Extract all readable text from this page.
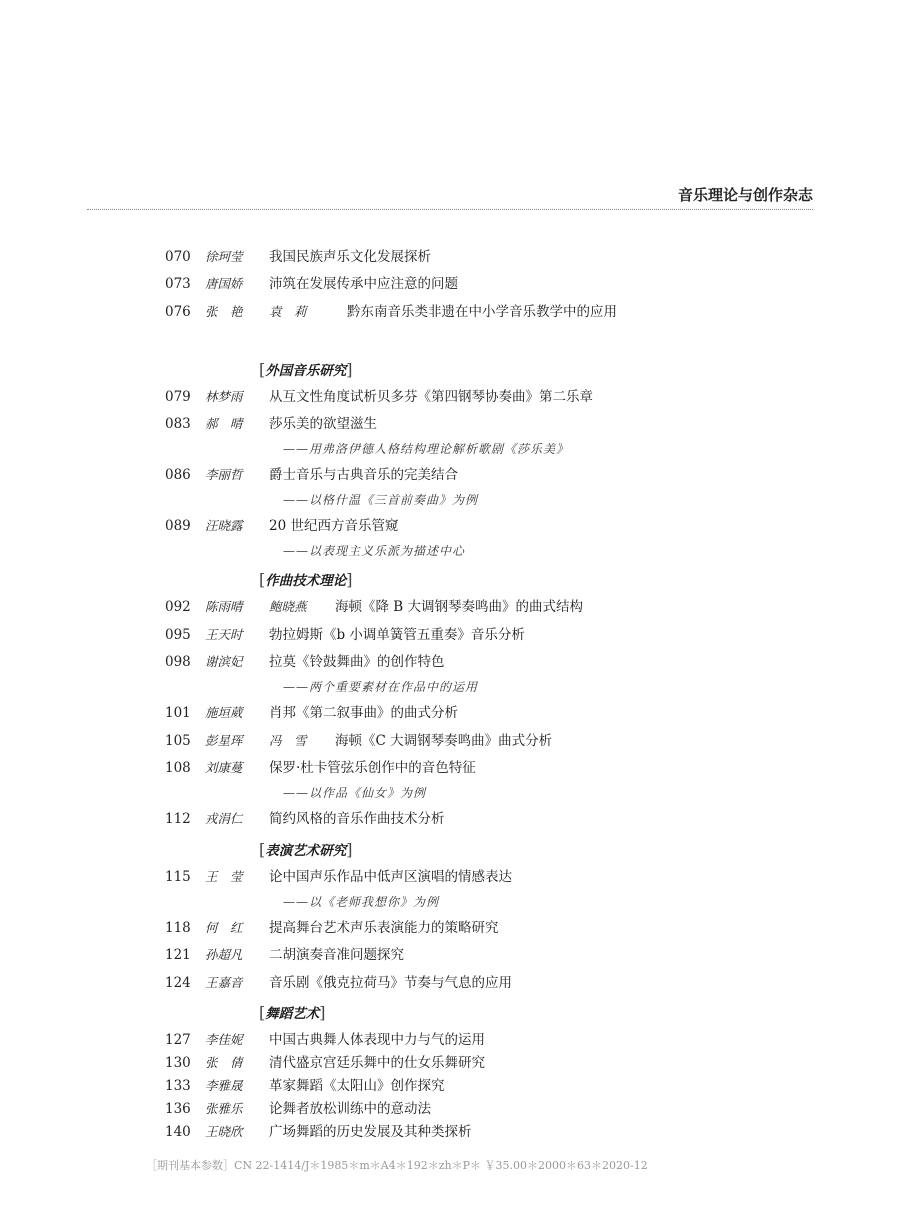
音乐理论与创作杂志
070 徐珂莹 我国民族声乐文化发展探析
073 唐国娇 沛筑在发展传承中应注意的问题
076 张　艳 袁　莉	黔东南音乐类非遗在中小学音乐教学中的应用
[外国音乐研究]
079 林梦雨 从互文性角度试析贝多芬《第四钢琴协奏曲》第二乐章
083 郝　晴 莎乐美的欲望滋生
——用弗洛伊德人格结构理论解析歌剧《莎乐美》
086 李丽哲 爵士音乐与古典音乐的完美结合
——以格什温《三首前奏曲》为例
089 汪晓露 20 世纪西方音乐管窥
——以表现主义乐派为描述中心
[作曲技术理论]
092 陈雨晴 鲍晓燕 海顿《降 B 大调钢琴奏鸣曲》的曲式结构
095 王天时 勃拉姆斯《b 小调单簧管五重奏》音乐分析
098 谢滨妃 拉莫《铃鼓舞曲》的创作特色
——两个重要素材在作品中的运用
101 施垣葳 肖邦《第二叙事曲》的曲式分析
105 彭星珲 冯　雪 海顿《C 大调钢琴奏鸣曲》曲式分析
108 刘康蔓 保罗·杜卡管弦乐创作中的音色特征
——以作品《仙女》为例
112 戎涓仁 简约风格的音乐作曲技术分析
[表演艺术研究]
115 王　莹 论中国声乐作品中低声区演唱的情感表达
——以《老师我想你》为例
118 何　红 提高舞台艺术声乐表演能力的策略研究
121 孙超凡 二胡演奏音准问题探究
124 王嘉音 音乐剧《俄克拉荷马》节奏与气息的应用
[舞蹈艺术]
127 李佳妮 中国古典舞人体表现中力与气的运用
130 张　倩 清代盛京宫廷乐舞中的仕女乐舞研究
133 李雅晟 革家舞蹈《太阳山》创作探究
136 张雅乐 论舞者放松训练中的意动法
140 王晓欣 广场舞蹈的历史发展及其种类探析
［期刊基本参数］CN 22-1414/J＊1985＊m＊A4＊192＊zh＊P＊ ￥35.00＊2000＊63＊2020-12
